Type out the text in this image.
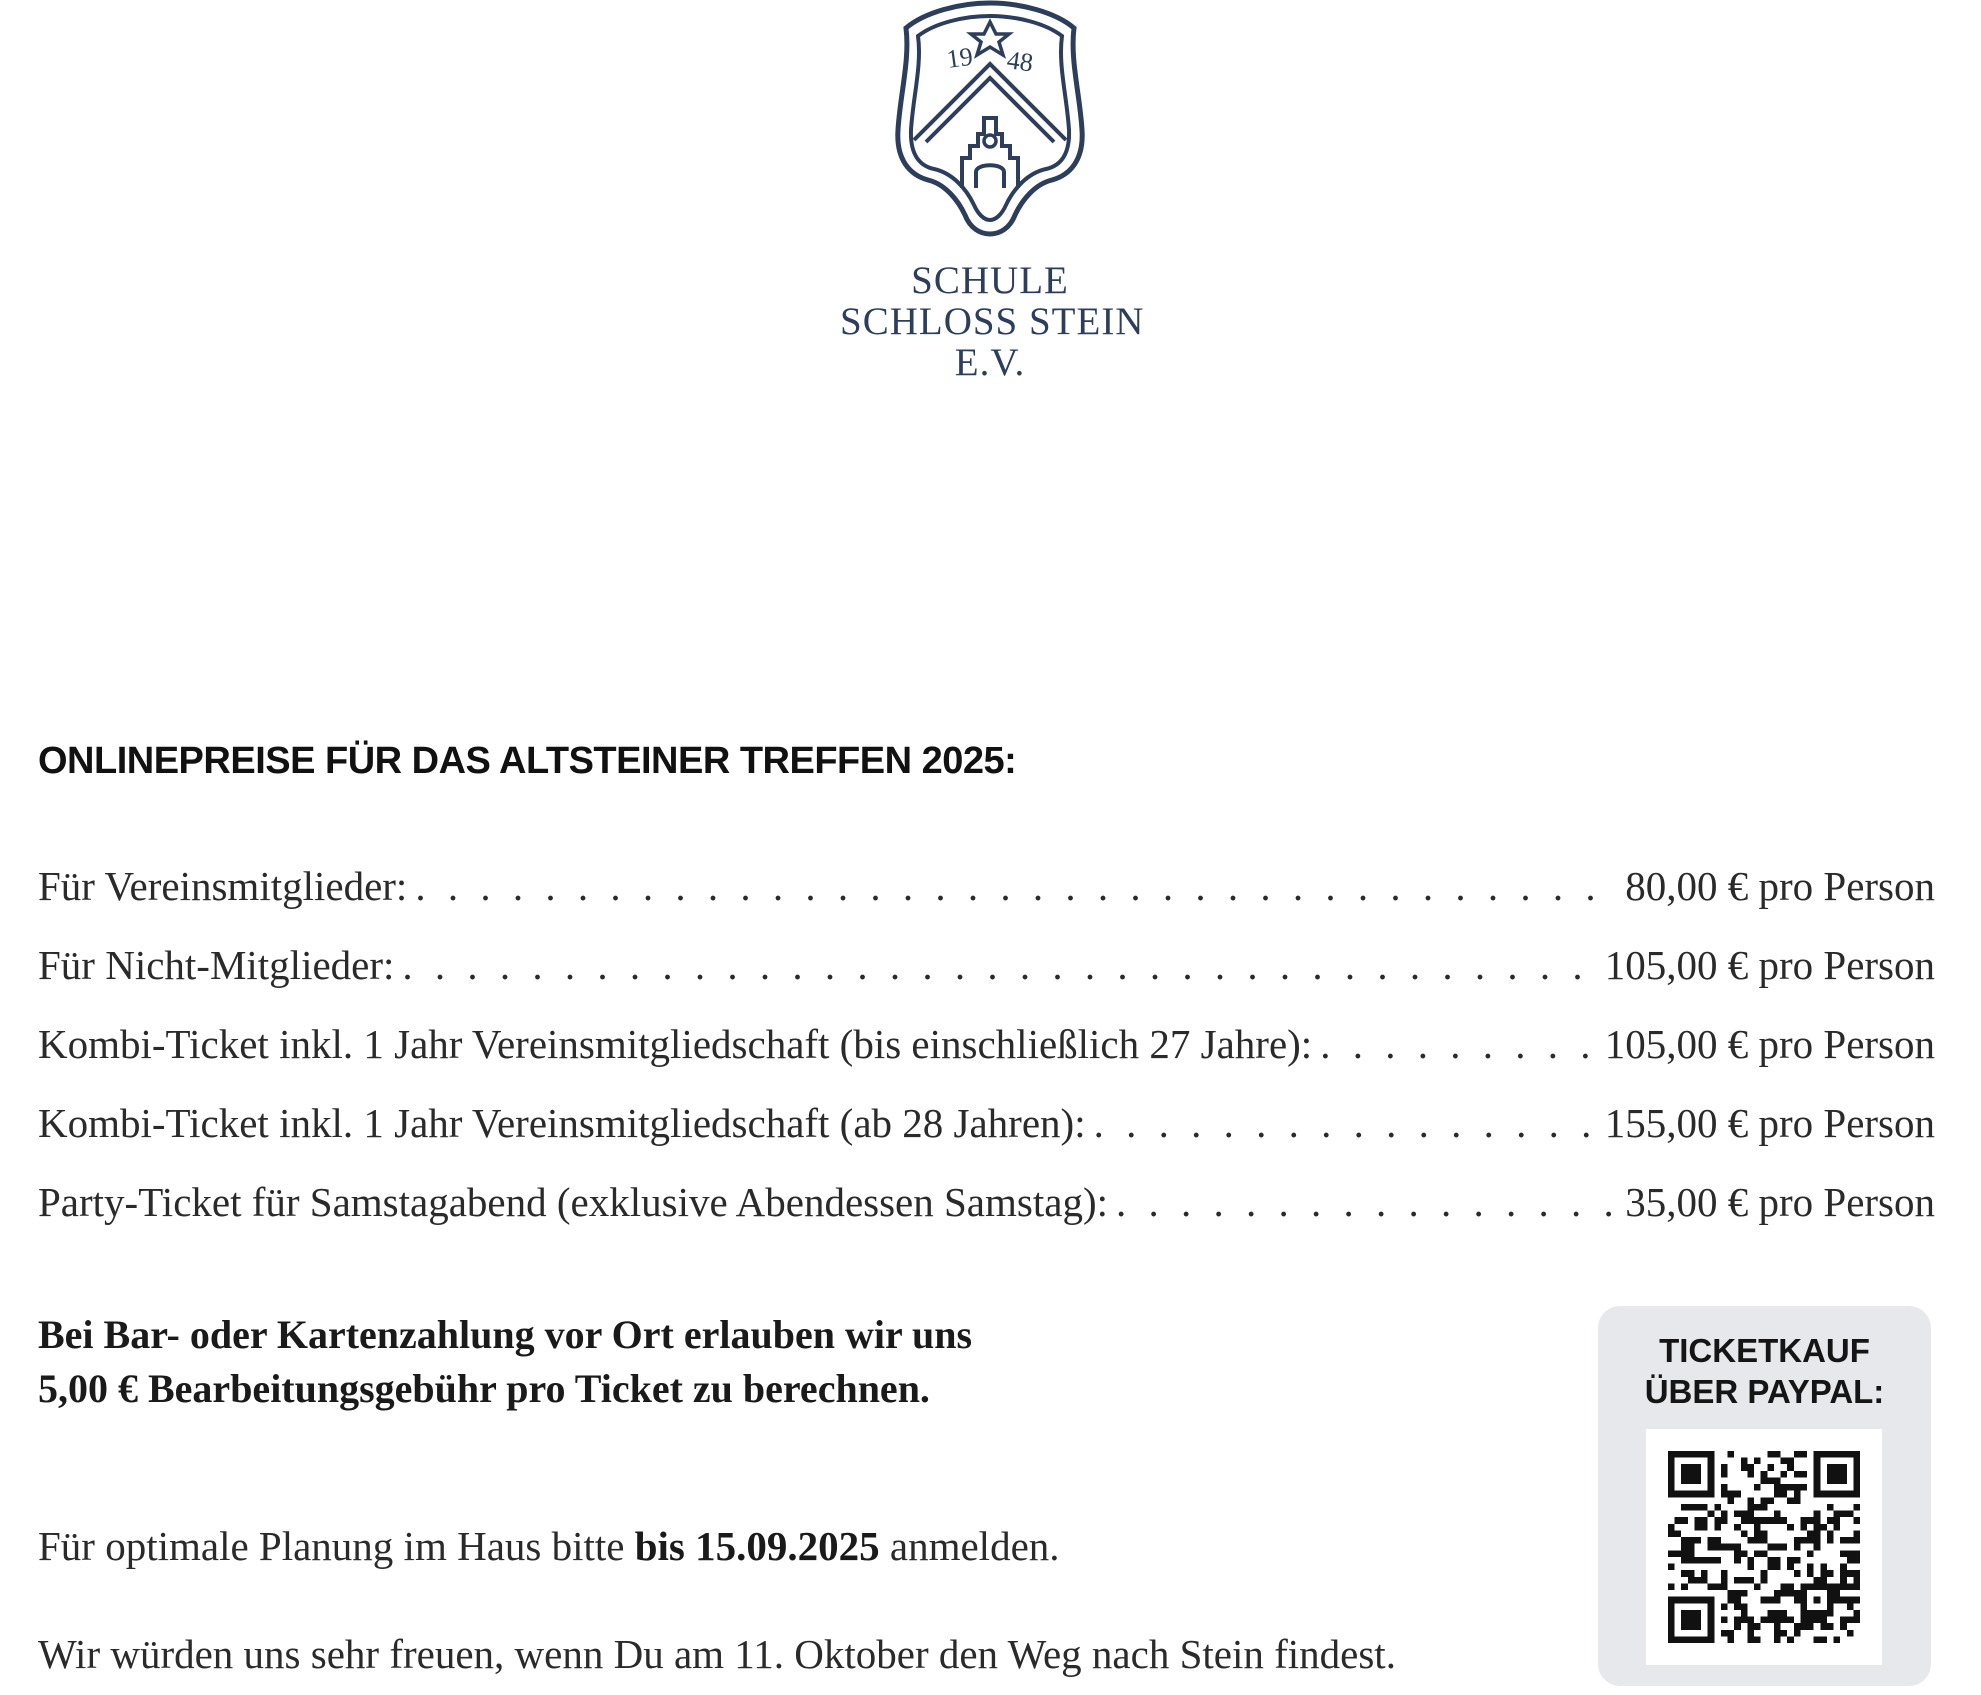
19 48
SCHULE
SCHLOSS STEIN
E.V.
ONLINEPREISE FÜR DAS ALTSTEINER TREFFEN 2025:
Für Vereinsmitglieder: . . .	80,00 € pro Person
Für Nicht-Mitglieder: . . .	105,00 € pro Person
Kombi-Ticket inkl. 1 Jahr Vereinsmitgliedschaft (bis einschließlich 27 Jahre): . . .	105,00 € pro Person
Kombi-Ticket inkl. 1 Jahr Vereinsmitgliedschaft (ab 28 Jahren): . . .	155,00 € pro Person
Party-Ticket für Samstagabend (exklusive Abendessen Samstag): . . .	35,00 € pro Person
Bei Bar- oder Kartenzahlung vor Ort erlauben wir uns
5,00 € Bearbeitungsgebühr pro Ticket zu berechnen.
Für optimale Planung im Haus bitte bis 15.09.2025 anmelden.
Wir würden uns sehr freuen, wenn Du am 11. Oktober den Weg nach Stein findest.
TICKETKAUF
ÜBER PAYPAL:
